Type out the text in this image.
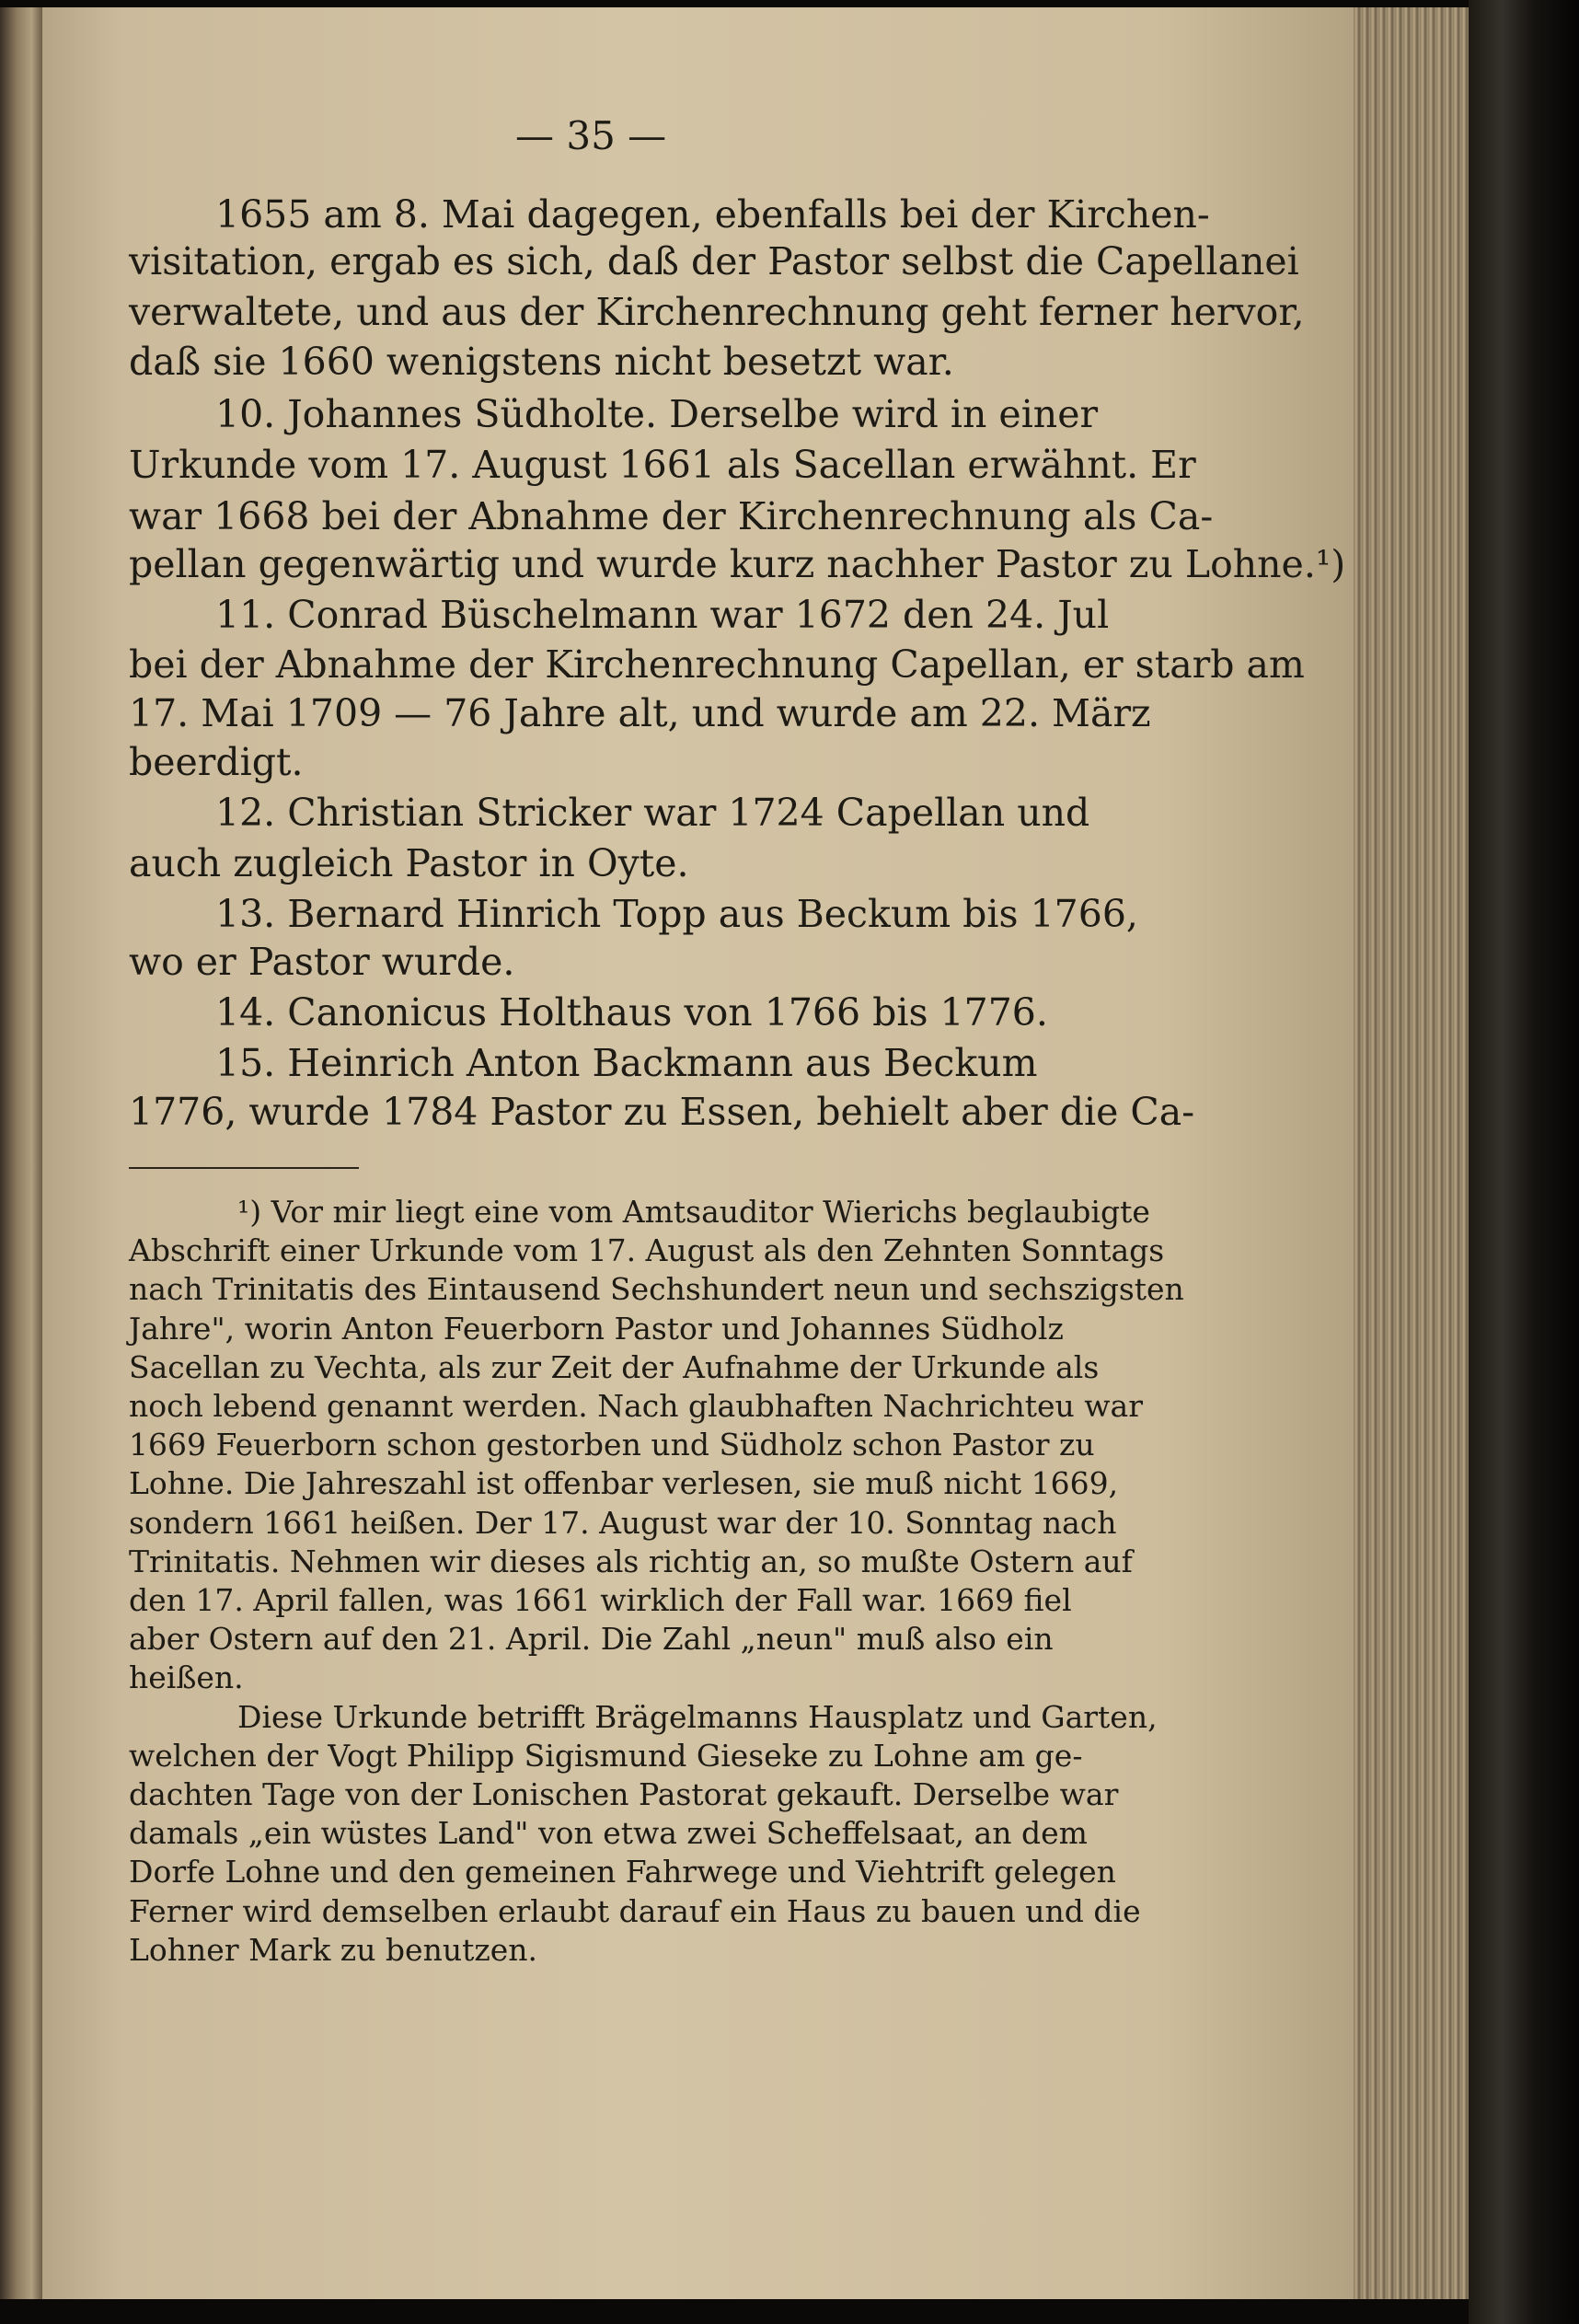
— 35 —

1655 am 8. Mai dagegen, ebenfalls bei der Kirchen-

visitation, ergab es sich, daß der Pastor selbst die Capellanei

verwaltete, und aus der Kirchenrechnung geht ferner hervor,

daß sie 1660 wenigstens nicht besetzt war.

10. Johannes Südholte. Derselbe wird in einer

Urkunde vom 17. August 1661 als Sacellan erwähnt. Er

war 1668 bei der Abnahme der Kirchenrechnung als Ca-

pellan gegenwärtig und wurde kurz nachher Pastor zu Lohne.¹)

11. Conrad Büschelmann war 1672 den 24. Jul

bei der Abnahme der Kirchenrechnung Capellan, er starb am

17. Mai 1709 — 76 Jahre alt, und wurde am 22. März

beerdigt.

12. Christian Stricker war 1724 Capellan und

auch zugleich Pastor in Oyte.

13. Bernard Hinrich Topp aus Beckum bis 1766,

wo er Pastor wurde.

14. Canonicus Holthaus von 1766 bis 1776.

15. Heinrich Anton Backmann aus Beckum

1776, wurde 1784 Pastor zu Essen, behielt aber die Ca-

¹) Vor mir liegt eine vom Amtsauditor Wierichs beglaubigte

Abschrift einer Urkunde vom 17. August als den Zehnten Sonntags

nach Trinitatis des Eintausend Sechshundert neun und sechszigsten

Jahre", worin Anton Feuerborn Pastor und Johannes Südholz

Sacellan zu Vechta, als zur Zeit der Aufnahme der Urkunde als

noch lebend genannt werden. Nach glaubhaften Nachrichteu war

1669 Feuerborn schon gestorben und Südholz schon Pastor zu

Lohne. Die Jahreszahl ist offenbar verlesen, sie muß nicht 1669,

sondern 1661 heißen. Der 17. August war der 10. Sonntag nach

Trinitatis. Nehmen wir dieses als richtig an, so mußte Ostern auf

den 17. April fallen, was 1661 wirklich der Fall war. 1669 fiel

aber Ostern auf den 21. April. Die Zahl „neun" muß also ein

heißen.

Diese Urkunde betrifft Brägelmanns Hausplatz und Garten,

welchen der Vogt Philipp Sigismund Gieseke zu Lohne am ge-

dachten Tage von der Lonischen Pastorat gekauft. Derselbe war

damals „ein wüstes Land" von etwa zwei Scheffelsaat, an dem

Dorfe Lohne und den gemeinen Fahrwege und Viehtrift gelegen

Ferner wird demselben erlaubt darauf ein Haus zu bauen und die

Lohner Mark zu benutzen.
